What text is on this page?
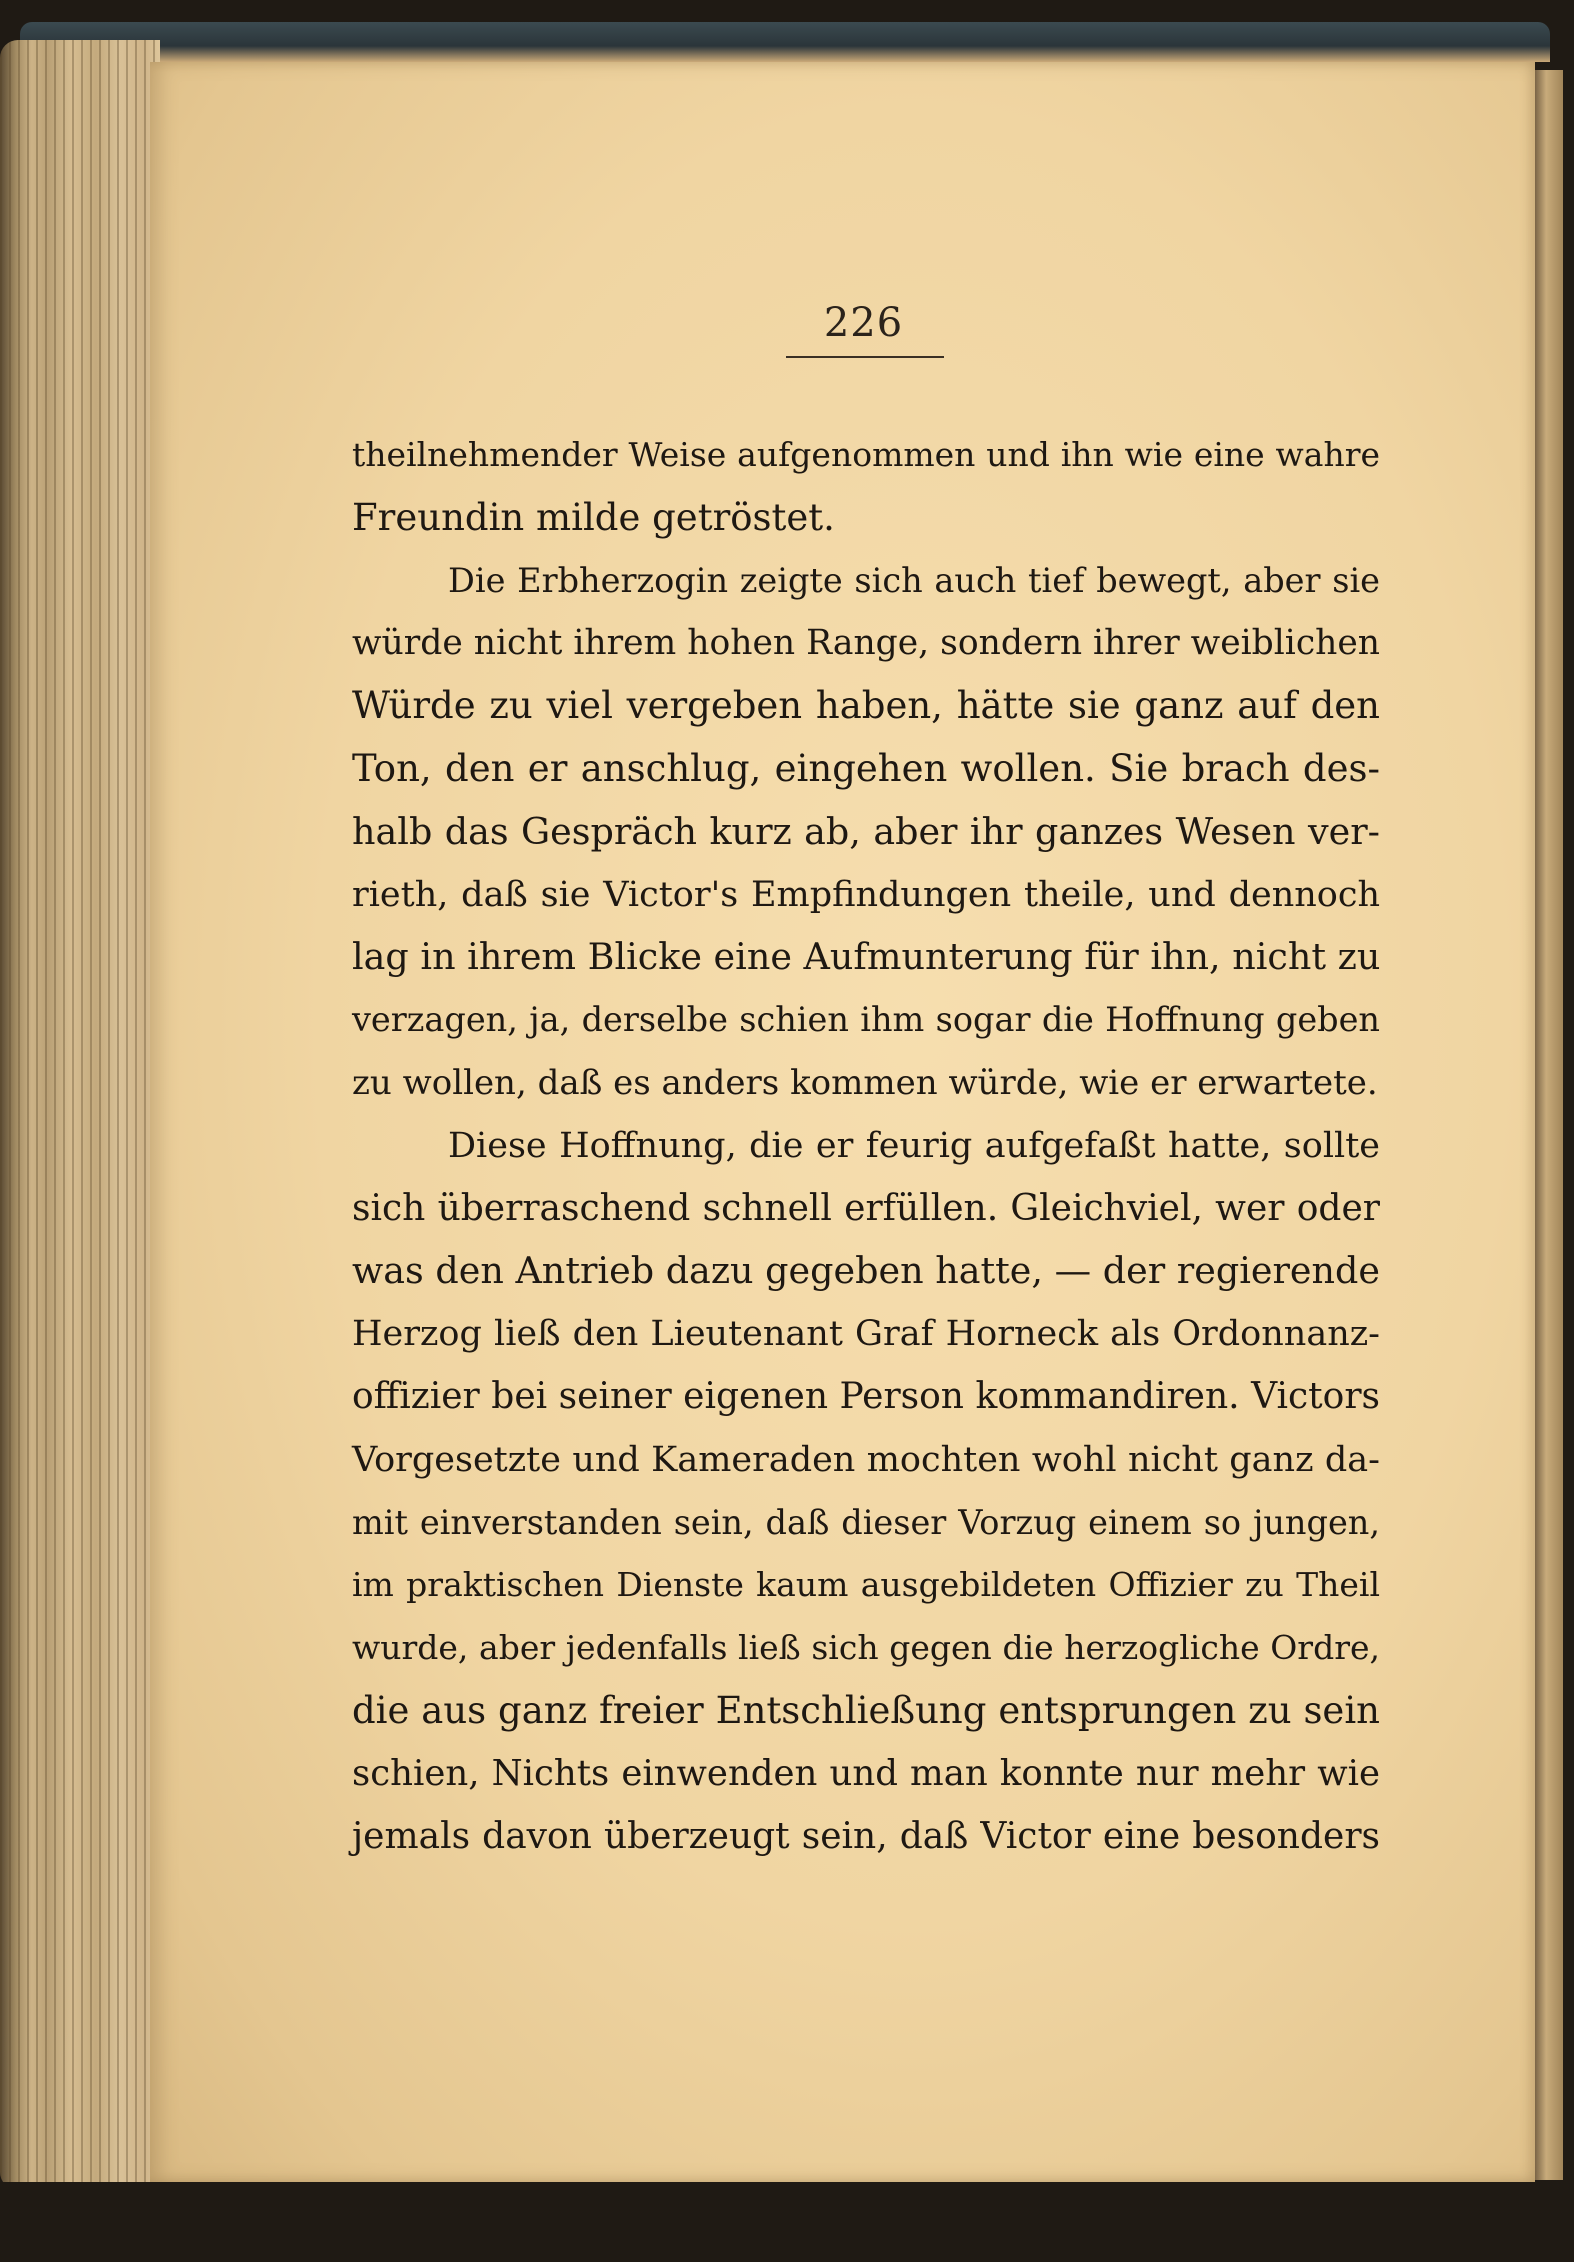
226
theilnehmender Weise aufgenommen und ihn wie eine wahre
Freundin milde getröstet.
Die Erbherzogin zeigte sich auch tief bewegt, aber sie
würde nicht ihrem hohen Range, sondern ihrer weiblichen
Würde zu viel vergeben haben, hätte sie ganz auf den
Ton, den er anschlug, eingehen wollen. Sie brach des-
halb das Gespräch kurz ab, aber ihr ganzes Wesen ver-
rieth, daß sie Victor's Empfindungen theile, und dennoch
lag in ihrem Blicke eine Aufmunterung für ihn, nicht zu
verzagen, ja, derselbe schien ihm sogar die Hoffnung geben
zu wollen, daß es anders kommen würde, wie er erwartete.
Diese Hoffnung, die er feurig aufgefaßt hatte, sollte
sich überraschend schnell erfüllen. Gleichviel, wer oder
was den Antrieb dazu gegeben hatte, — der regierende
Herzog ließ den Lieutenant Graf Horneck als Ordonnanz-
offizier bei seiner eigenen Person kommandiren. Victors
Vorgesetzte und Kameraden mochten wohl nicht ganz da-
mit einverstanden sein, daß dieser Vorzug einem so jungen,
im praktischen Dienste kaum ausgebildeten Offizier zu Theil
wurde, aber jedenfalls ließ sich gegen die herzogliche Ordre,
die aus ganz freier Entschließung entsprungen zu sein
schien, Nichts einwenden und man konnte nur mehr wie
jemals davon überzeugt sein, daß Victor eine besonders
